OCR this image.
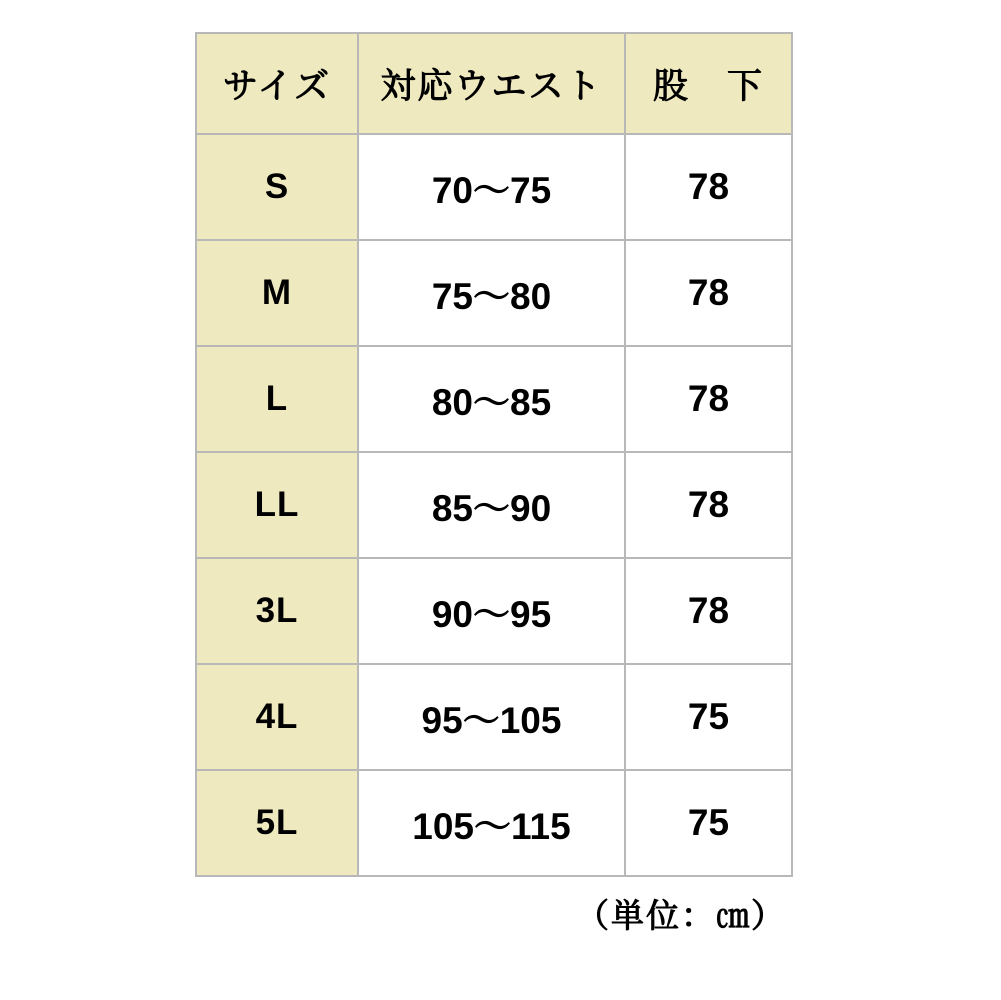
サイズ	対応ウエスト	股　下
S	70〜75	78
M	75〜80	78
L	80〜85	78
LL	85〜90	78
3L	90〜95	78
4L	95〜105	75
5L	105〜115	75
（単位：㎝）
